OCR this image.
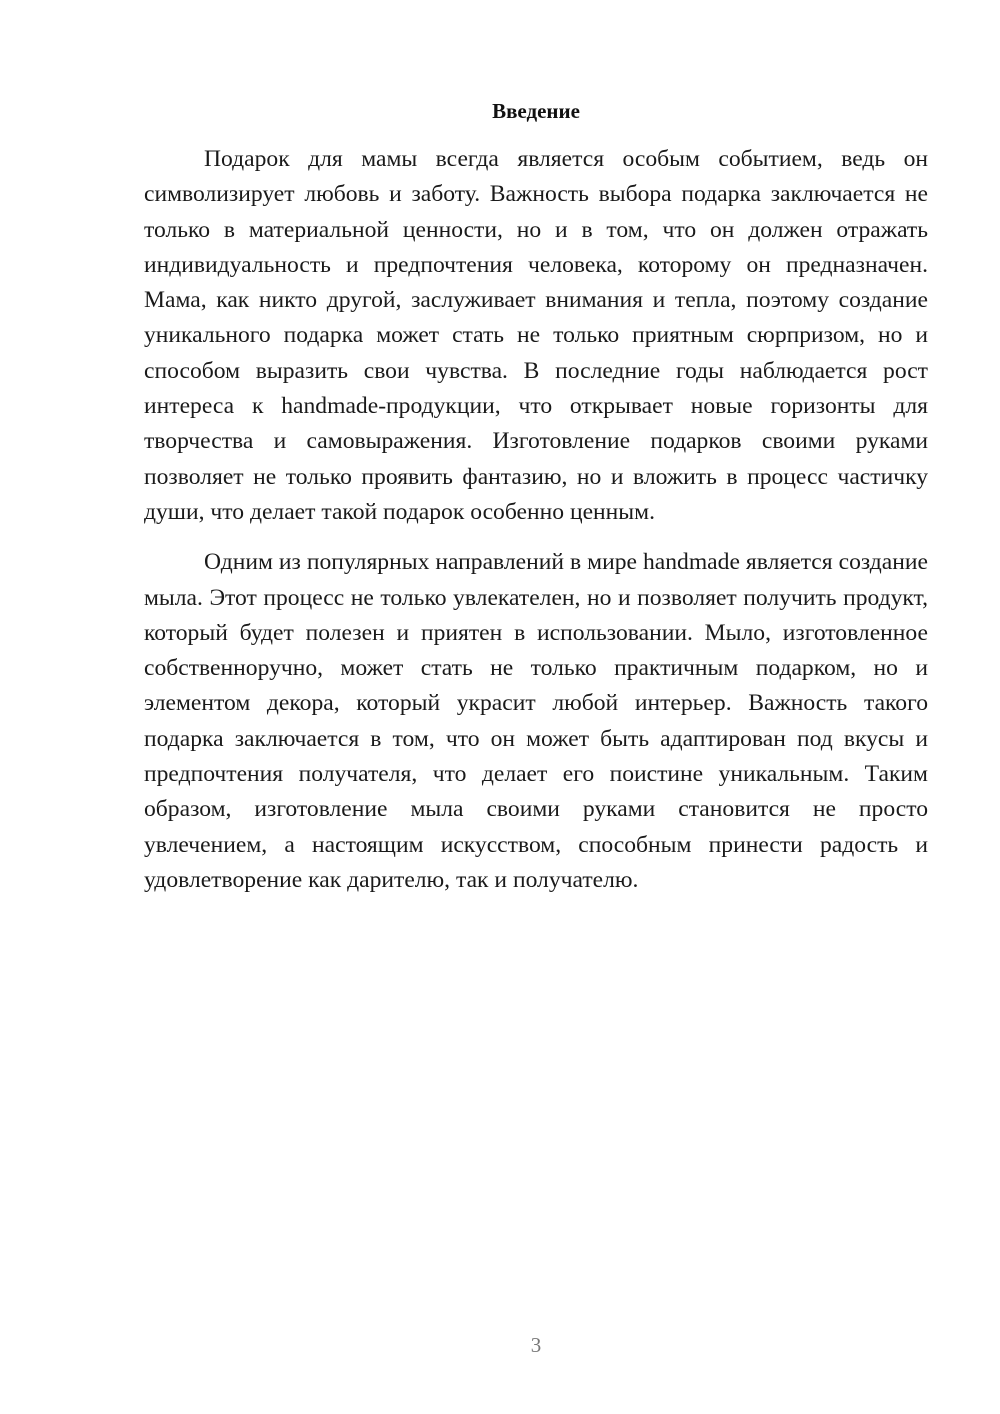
Введение

Подарок для мамы всегда является особым событием, ведь он символизирует любовь и заботу. Важность выбора подарка заключается не только в материальной ценности, но и в том, что он должен отражать индивидуальность и предпочтения человека, которому он предназначен. Мама, как никто другой, заслуживает внимания и тепла, поэтому создание уникального подарка может стать не только приятным сюрпризом, но и способом выразить свои чувства. В последние годы наблюдается рост интереса к handmade-продукции, что открывает новые горизонты для творчества и самовыражения. Изготовление подарков своими руками позволяет не только проявить фантазию, но и вложить в процесс частичку души, что делает такой подарок особенно ценным.

Одним из популярных направлений в мире handmade является создание мыла. Этот процесс не только увлекателен, но и позволяет получить продукт, который будет полезен и приятен в использовании. Мыло, изготовленное собственноручно, может стать не только практичным подарком, но и элементом декора, который украсит любой интерьер. Важность такого подарка заключается в том, что он может быть адаптирован под вкусы и предпочтения получателя, что делает его поистине уникальным. Таким образом, изготовление мыла своими руками становится не просто увлечением, а настоящим искусством, способным принести радость и удовлетворение как дарителю, так и получателю.

3
